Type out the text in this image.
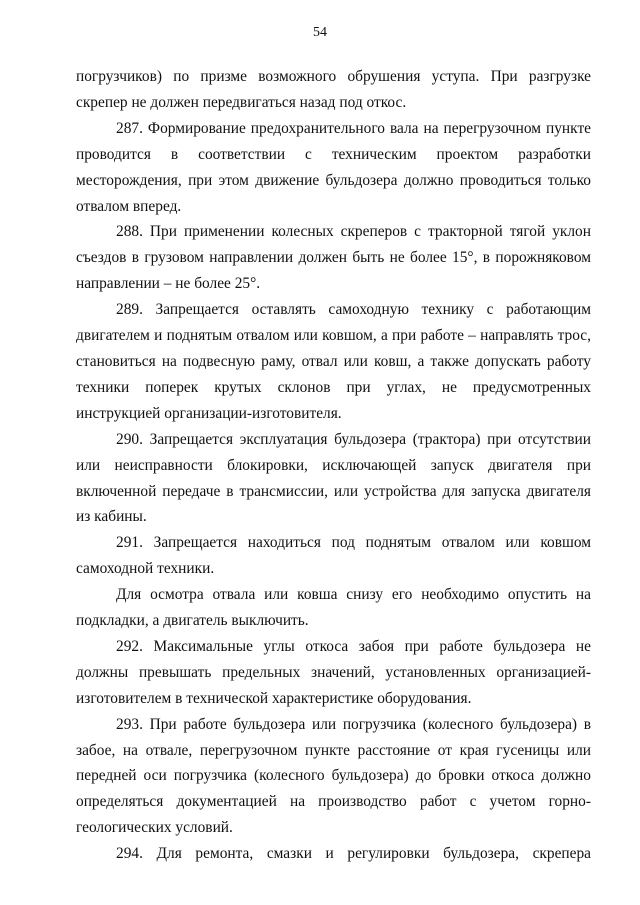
54

погрузчиков) по призме возможного обрушения уступа. При разгрузке скрепер не должен передвигаться назад под откос.

287. Формирование предохранительного вала на перегрузочном пункте проводится в соответствии с техническим проектом разработки месторождения, при этом движение бульдозера должно проводиться только отвалом вперед.

288. При применении колесных скреперов с тракторной тягой уклон съездов в грузовом направлении должен быть не более 15°, в порожняковом направлении – не более 25°.

289. Запрещается оставлять самоходную технику с работающим двигателем и поднятым отвалом или ковшом, а при работе – направлять трос, становиться на подвесную раму, отвал или ковш, а также допускать работу техники поперек крутых склонов при углах, не предусмотренных инструкцией организации-изготовителя.

290. Запрещается эксплуатация бульдозера (трактора) при отсутствии или неисправности блокировки, исключающей запуск двигателя при включенной передаче в трансмиссии, или устройства для запуска двигателя из кабины.

291. Запрещается находиться под поднятым отвалом или ковшом самоходной техники.

Для осмотра отвала или ковша снизу его необходимо опустить на подкладки, а двигатель выключить.

292. Максимальные углы откоса забоя при работе бульдозера не должны превышать предельных значений, установленных организацией-изготовителем в технической характеристике оборудования.

293. При работе бульдозера или погрузчика (колесного бульдозера) в забое, на отвале, перегрузочном пункте расстояние от края гусеницы или передней оси погрузчика (колесного бульдозера) до бровки откоса должно определяться документацией на производство работ с учетом горно-геологических условий.

294. Для ремонта, смазки и регулировки бульдозера, скрепера
